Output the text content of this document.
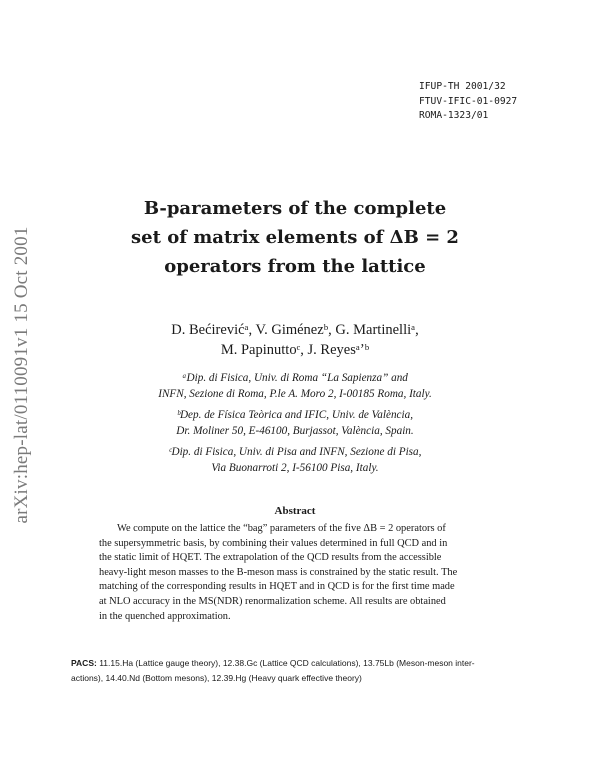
arXiv:hep-lat/0110091v1 15 Oct 2001
IFUP-TH 2001/32
FTUV-IFIC-01-0927
ROMA-1323/01
B-parameters of the complete
set of matrix elements of ΔB = 2
operators from the lattice
D. Bećirevićᵃ, V. Giménezᵇ, G. Martinelliᵃ,
M. Papinuttoᶜ, J. Reyesᵃʼᵇ
ᵃDip. di Fisica, Univ. di Roma “La Sapienza” and
INFN, Sezione di Roma, P.le A. Moro 2, I-00185 Roma, Italy.
ᵇDep. de Física Teòrica and IFIC, Univ. de València,
Dr. Moliner 50, E-46100, Burjassot, València, Spain.
ᶜDip. di Fisica, Univ. di Pisa and INFN, Sezione di Pisa,
Via Buonarroti 2, I-56100 Pisa, Italy.
Abstract
We compute on the lattice the “bag” parameters of the five ΔB = 2 operators of
the supersymmetric basis, by combining their values determined in full QCD and in
the static limit of HQET. The extrapolation of the QCD results from the accessible
heavy-light meson masses to the B-meson mass is constrained by the static result. The
matching of the corresponding results in HQET and in QCD is for the first time made
at NLO accuracy in the MS(NDR) renormalization scheme. All results are obtained
in the quenched approximation.
PACS: 11.15.Ha (Lattice gauge theory), 12.38.Gc (Lattice QCD calculations), 13.75Lb (Meson-meson inter-
actions), 14.40.Nd (Bottom mesons), 12.39.Hg (Heavy quark effective theory)
